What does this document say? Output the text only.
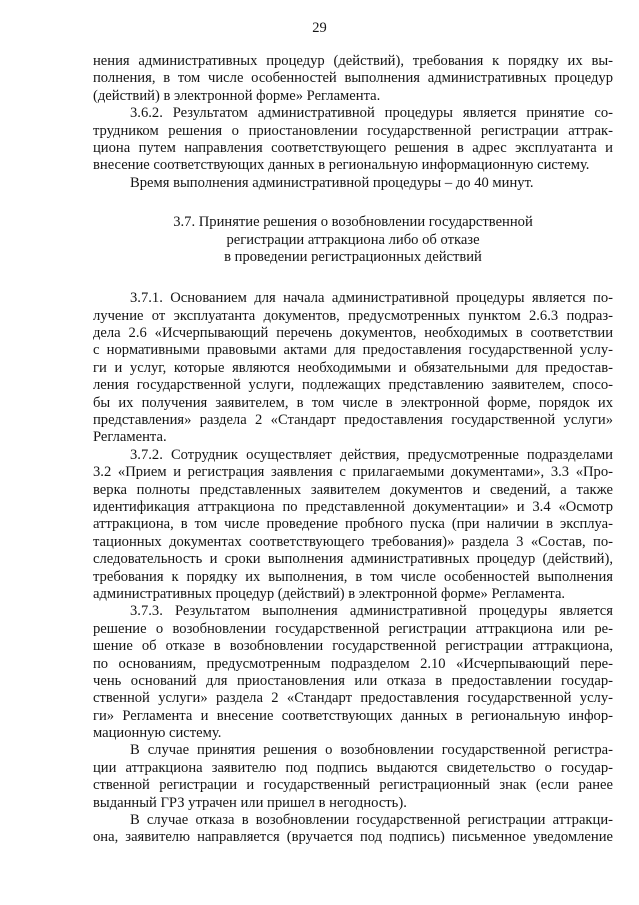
29
нения административных процедур (действий), требования к порядку их вы-
полнения, в том числе особенностей выполнения административных процедур
(действий) в электронной форме» Регламента.
3.6.2. Результатом административной процедуры является принятие со-
трудником решения о приостановлении государственной регистрации аттрак-
циона путем направления соответствующего решения в адрес эксплуатанта и
внесение соответствующих данных в региональную информационную систему.
Время выполнения административной процедуры – до 40 минут.
3.7. Принятие решения о возобновлении государственной
регистрации аттракциона либо об отказе
в проведении регистрационных действий
3.7.1. Основанием для начала административной процедуры является по-
лучение от эксплуатанта документов, предусмотренных пунктом 2.6.3 подраз-
дела 2.6 «Исчерпывающий перечень документов, необходимых в соответствии
с нормативными правовыми актами для предоставления государственной услу-
ги и услуг, которые являются необходимыми и обязательными для предостав-
ления государственной услуги, подлежащих представлению заявителем, спосо-
бы их получения заявителем, в том числе в электронной форме, порядок их
представления» раздела 2 «Стандарт предоставления государственной услуги»
Регламента.
3.7.2. Сотрудник осуществляет действия, предусмотренные подразделами
3.2 «Прием и регистрация заявления с прилагаемыми документами», 3.3 «Про-
верка полноты представленных заявителем документов и сведений, а также
идентификация аттракциона по представленной документации» и 3.4 «Осмотр
аттракциона, в том числе проведение пробного пуска (при наличии в эксплуа-
тационных документах соответствующего требования)» раздела 3 «Состав, по-
следовательность и сроки выполнения административных процедур (действий),
требования к порядку их выполнения, в том числе особенностей выполнения
административных процедур (действий) в электронной форме» Регламента.
3.7.3. Результатом выполнения административной процедуры является
решение о возобновлении государственной регистрации аттракциона или ре-
шение об отказе в возобновлении государственной регистрации аттракциона,
по основаниям, предусмотренным подразделом 2.10 «Исчерпывающий пере-
чень оснований для приостановления или отказа в предоставлении государ-
ственной услуги» раздела 2 «Стандарт предоставления государственной услу-
ги» Регламента и внесение соответствующих данных в региональную инфор-
мационную систему.
В случае принятия решения о возобновлении государственной регистра-
ции аттракциона заявителю под подпись выдаются свидетельство о государ-
ственной регистрации и государственный регистрационный знак (если ранее
выданный ГРЗ утрачен или пришел в негодность).
В случае отказа в возобновлении государственной регистрации аттракци-
она, заявителю направляется (вручается под подпись) письменное уведомление
